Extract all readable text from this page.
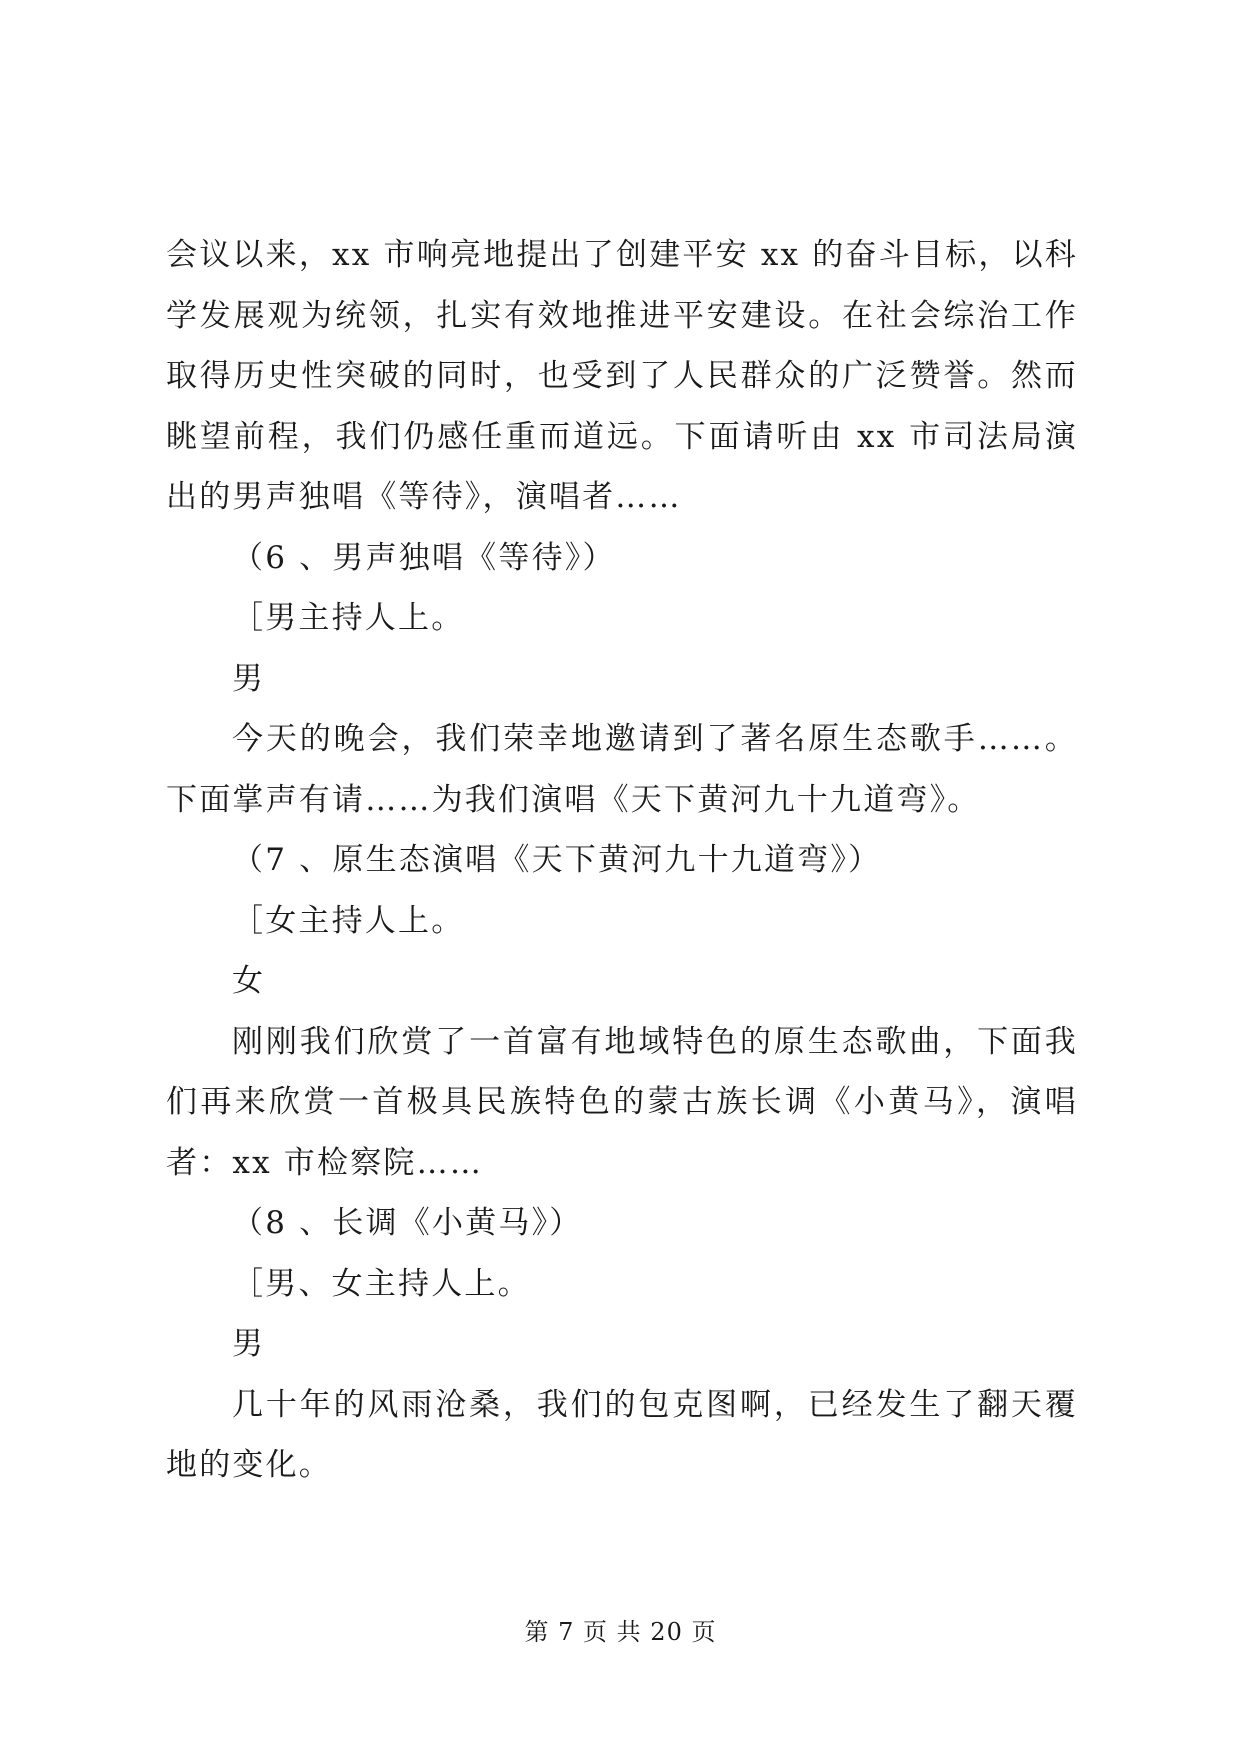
会议以来，xx 市响亮地提出了创建平安 xx 的奋斗目标，以科学发展观为统领，扎实有效地推进平安建设。在社会综治工作取得历史性突破的同时，也受到了人民群众的广泛赞誉。然而眺望前程，我们仍感任重而道远。下面请听由 xx 市司法局演出的男声独唱《等待》，演唱者……

（6 、男声独唱《等待》）

［男主持人上。

男

今天的晚会，我们荣幸地邀请到了著名原生态歌手……。下面掌声有请……为我们演唱《天下黄河九十九道弯》。

（7 、原生态演唱《天下黄河九十九道弯》）

［女主持人上。

女

刚刚我们欣赏了一首富有地域特色的原生态歌曲，下面我们再来欣赏一首极具民族特色的蒙古族长调《小黄马》，演唱者：xx 市检察院……

（8 、长调《小黄马》）

［男、女主持人上。

男

几十年的风雨沧桑，我们的包克图啊，已经发生了翻天覆地的变化。

第 7 页 共 20 页
